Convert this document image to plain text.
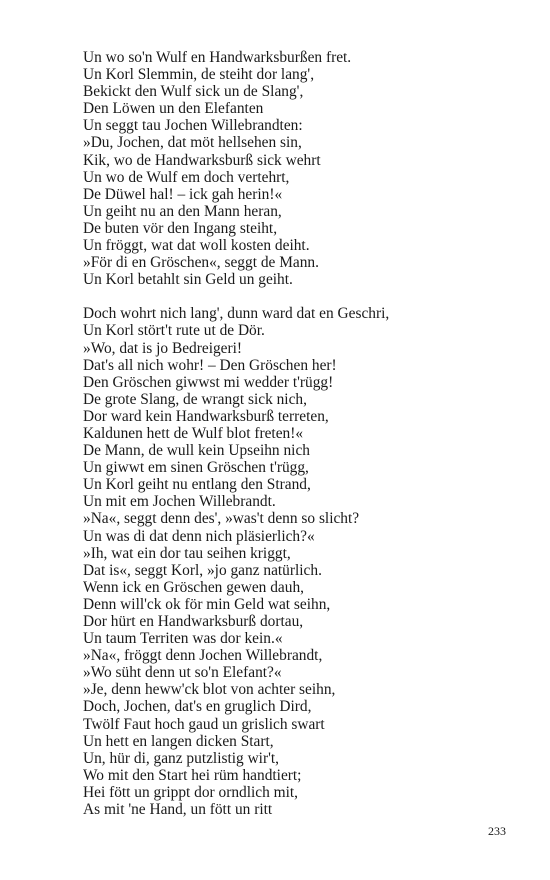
Un wo so'n Wulf en Handwarksburßen fret.
Un Korl Slemmin, de steiht dor lang',
Bekickt den Wulf sick un de Slang',
Den Löwen un den Elefanten
Un seggt tau Jochen Willebrandten:
»Du, Jochen, dat möt hellsehen sin,
Kik, wo de Handwarksburß sick wehrt
Un wo de Wulf em doch vertehrt,
De Düwel hal! – ick gah herin!«
Un geiht nu an den Mann heran,
De buten vör den Ingang steiht,
Un fröggt, wat dat woll kosten deiht.
»För di en Gröschen«, seggt de Mann.
Un Korl betahlt sin Geld un geiht.
Doch wohrt nich lang', dunn ward dat en Geschri,
Un Korl stört't rute ut de Dör.
»Wo, dat is jo Bedreigeri!
Dat's all nich wohr! – Den Gröschen her!
Den Gröschen giwwst mi wedder t'rügg!
De grote Slang, de wrangt sick nich,
Dor ward kein Handwarksburß terreten,
Kaldunen hett de Wulf blot freten!«
De Mann, de wull kein Upseihn nich
Un giwwt em sinen Gröschen t'rügg,
Un Korl geiht nu entlang den Strand,
Un mit em Jochen Willebrandt.
»Na«, seggt denn des', »was't denn so slicht?
Un was di dat denn nich pläsierlich?«
»Ih, wat ein dor tau seihen kriggt,
Dat is«, seggt Korl, »jo ganz natürlich.
Wenn ick en Gröschen gewen dauh,
Denn will'ck ok för min Geld wat seihn,
Dor hürt en Handwarksburß dortau,
Un taum Territen was dor kein.«
»Na«, fröggt denn Jochen Willebrandt,
»Wo süht denn ut so'n Elefant?«
»Je, denn heww'ck blot von achter seihn,
Doch, Jochen, dat's en gruglich Dird,
Twölf Faut hoch gaud un grislich swart
Un hett en langen dicken Start,
Un, hür di, ganz putzlistig wir't,
Wo mit den Start hei rüm handtiert;
Hei fött un grippt dor orndlich mit,
As mit 'ne Hand, un fött un ritt
233
